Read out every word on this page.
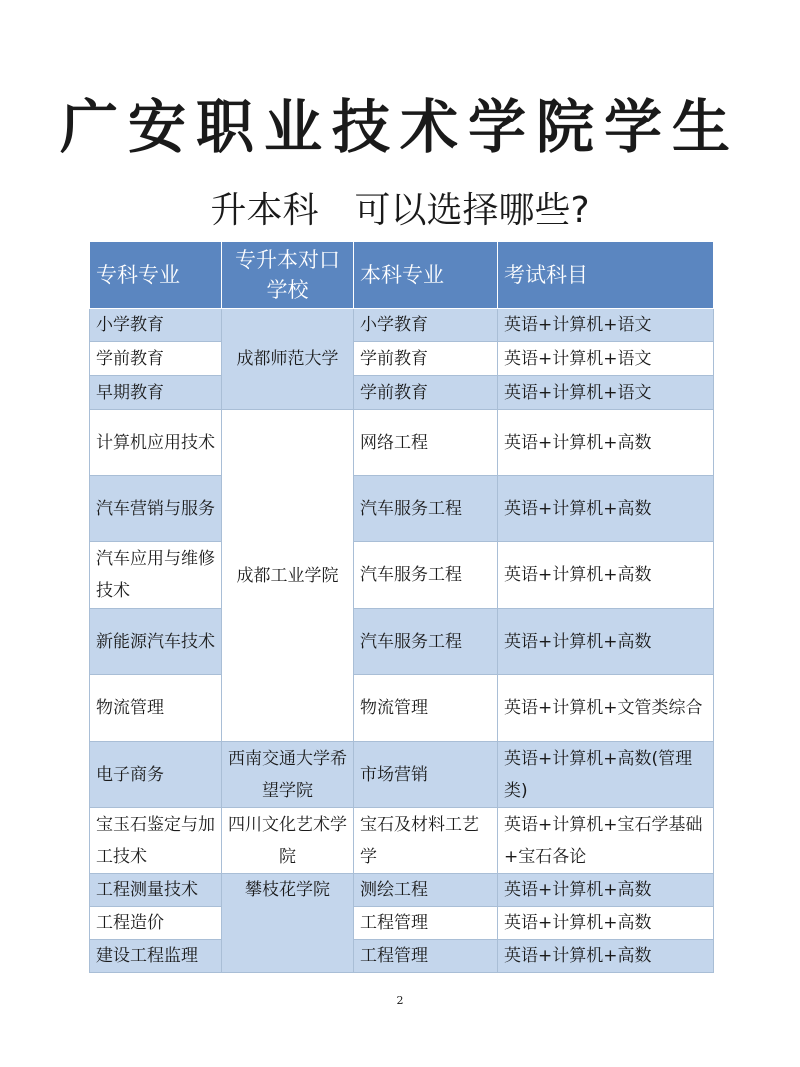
广安职业技术学院学生
升本科　可以选择哪些?
专科专业	专升本对口学校	本科专业	考试科目
小学教育	成都师范大学	小学教育	英语+计算机+语文
学前教育		学前教育	英语+计算机+语文
早期教育		学前教育	英语+计算机+语文
计算机应用技术	成都工业学院	网络工程	英语+计算机+高数
汽车营销与服务		汽车服务工程	英语+计算机+高数
汽车应用与维修技术		汽车服务工程	英语+计算机+高数
新能源汽车技术		汽车服务工程	英语+计算机+高数
物流管理		物流管理	英语+计算机+文管类综合
电子商务	西南交通大学希望学院	市场营销	英语+计算机+高数(管理类)
宝玉石鉴定与加工技术	四川文化艺术学院	宝石及材料工艺学	英语+计算机+宝石学基础+宝石各论
工程测量技术	攀枝花学院	测绘工程	英语+计算机+高数
工程造价		工程管理	英语+计算机+高数
建设工程监理		工程管理	英语+计算机+高数
2
